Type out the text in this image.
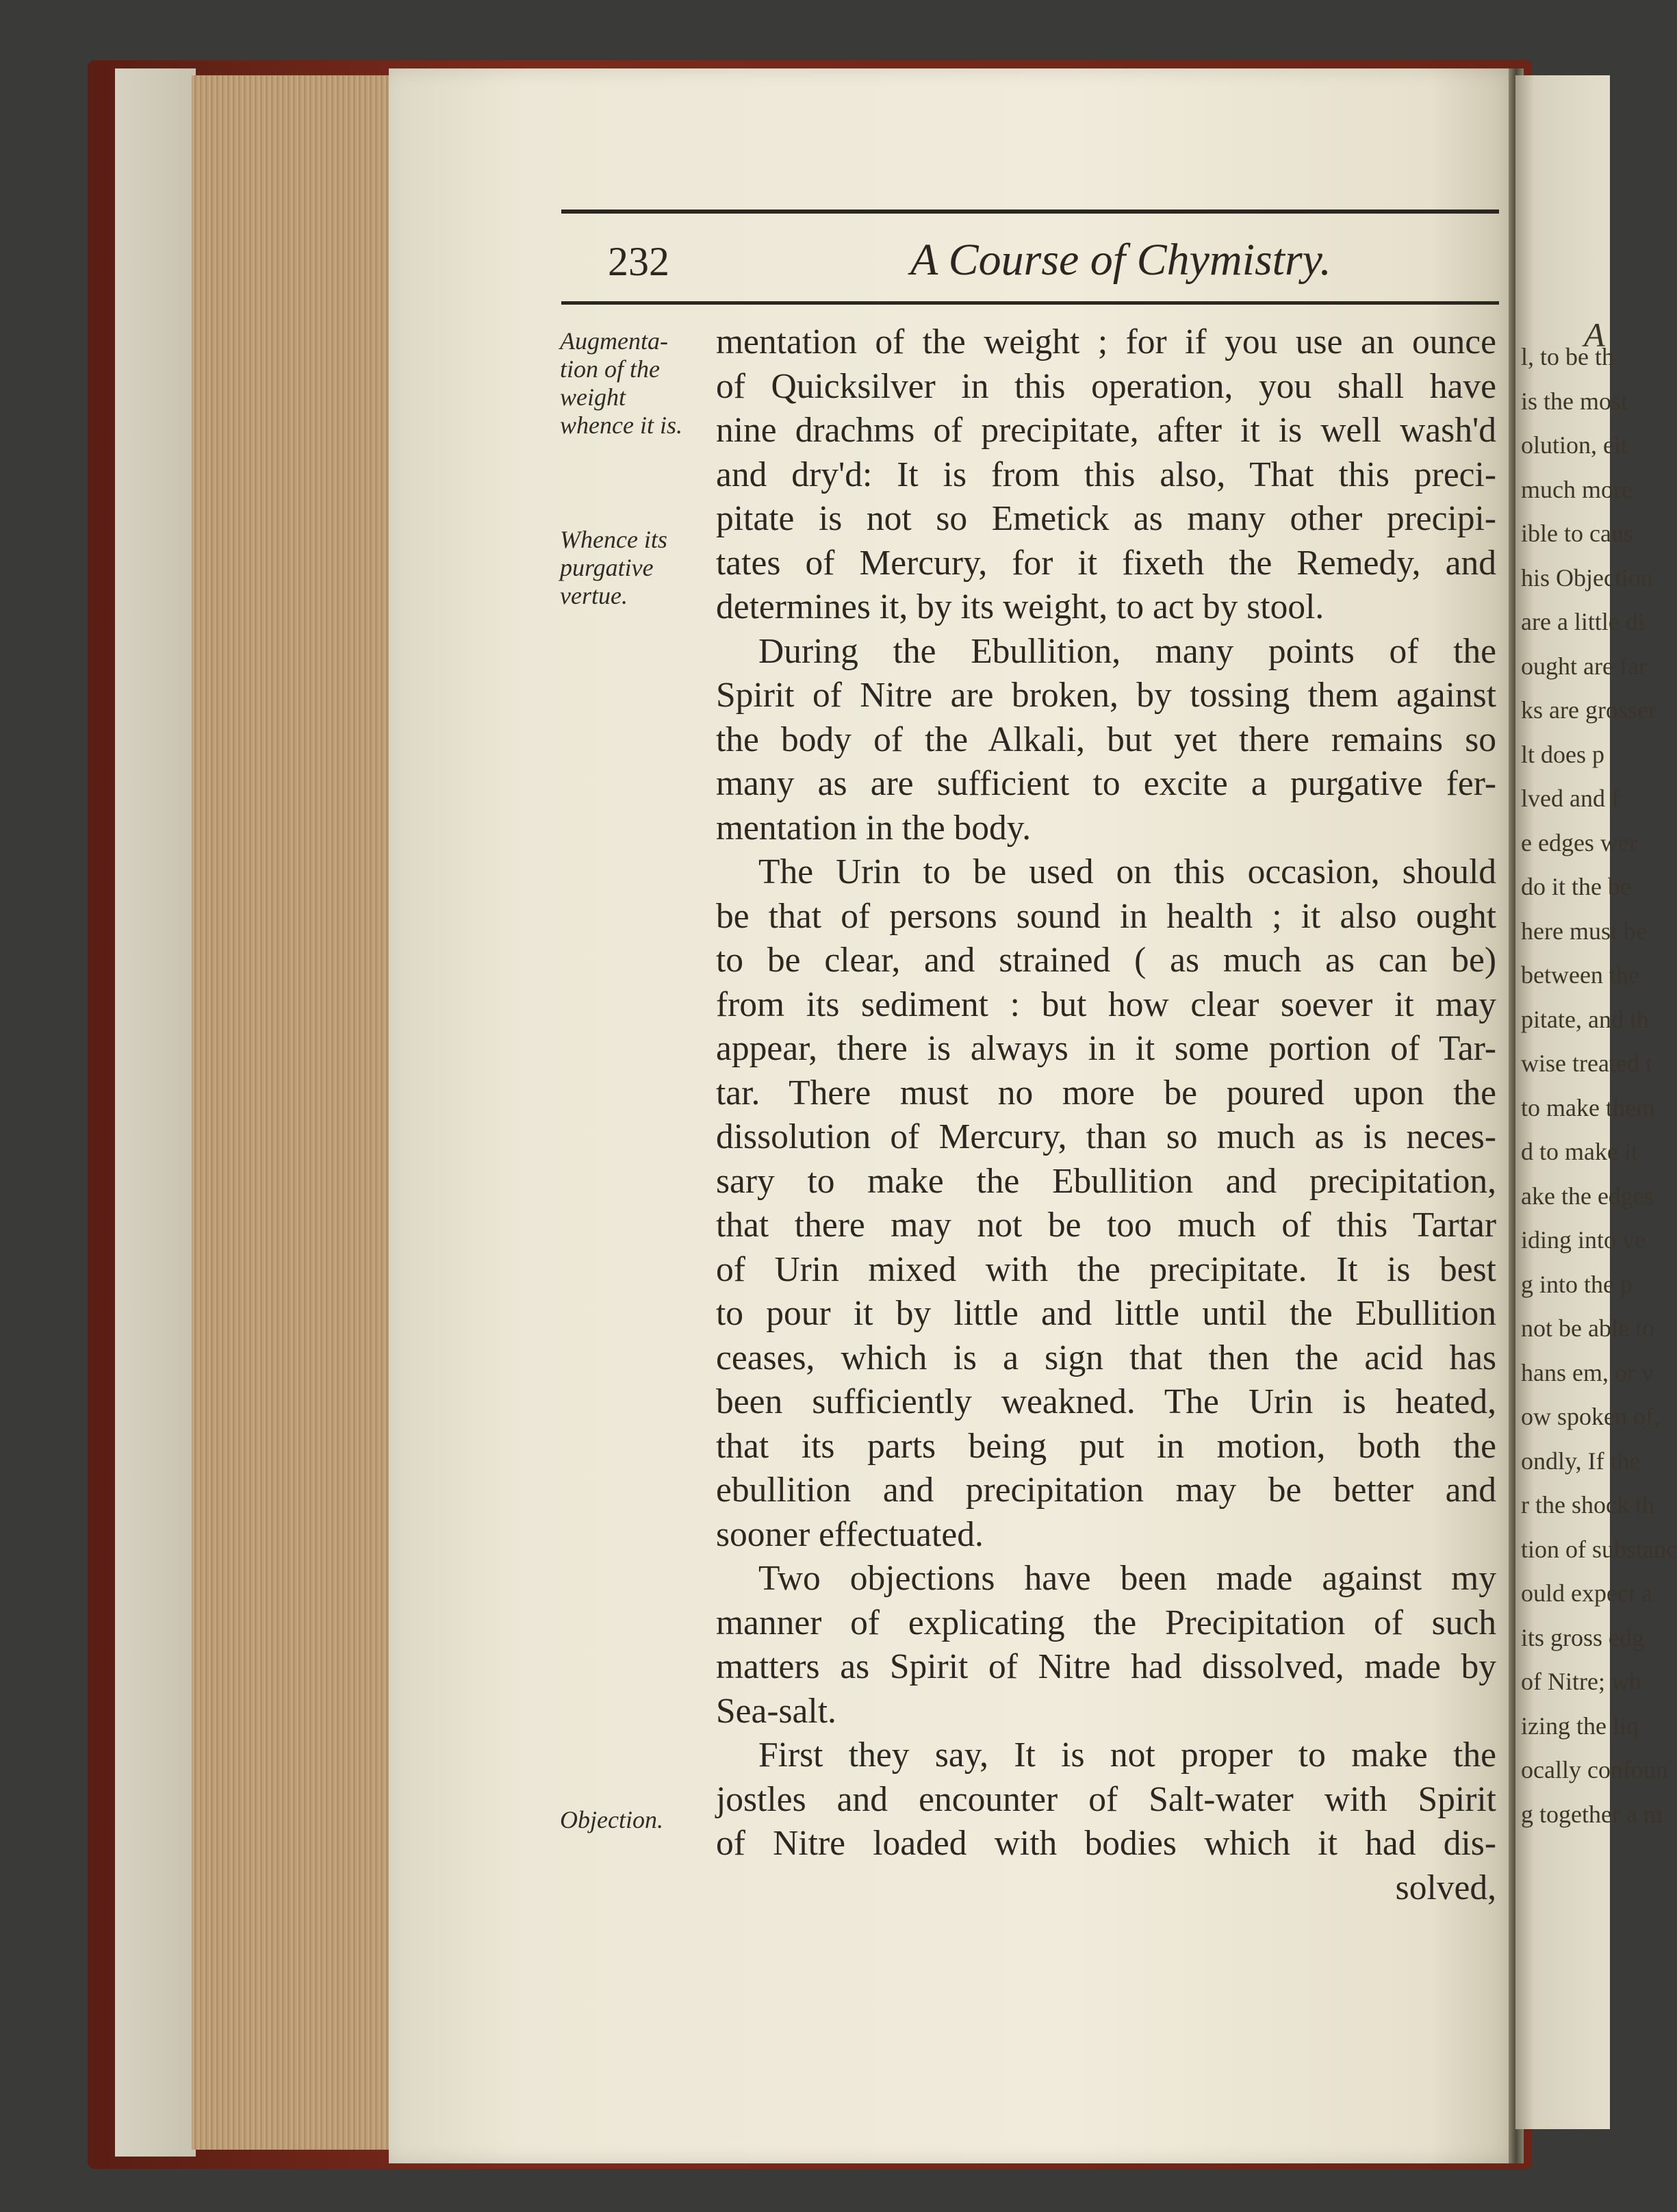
A
l, to be th
is the most
olution, eit
much more
ible to caus
his Objection
are a little di
ought are far
ks are grosser
lt does p
lved and f
e edges wer
do it the be
here must be
between the
pitate, and th
wise treated t
to make them
d to make it
ake the edges
iding into ve
g into the p
not be able to
hans em, or v
ow spoken of,
ondly, If the
r the shock th
tion of substanc
ould expect a
its gross edg
of Nitre; wh
izing the liq
ocally confoun
g together a m
232	A Course of Chymistry.
Augmenta-
tion of the
weight
whence it is.
Whence its
purgative
vertue.
Objection.
mentation of the weight ; for if you use an ounce
of Quicksilver in this operation, you shall have
nine drachms of precipitate, after it is well wash'd
and dry'd: It is from this also, That this preci-
pitate is not so Emetick as many other precipi-
tates of Mercury, for it fixeth the Remedy, and
determines it, by its weight, to act by stool.
During the Ebullition, many points of the
Spirit of Nitre are broken, by tossing them against
the body of the Alkali, but yet there remains so
many as are sufficient to excite a purgative fer-
mentation in the body.
The Urin to be used on this occasion, should
be that of persons sound in health ; it also ought
to be clear, and strained ( as much as can be)
from its sediment : but how clear soever it may
appear, there is always in it some portion of Tar-
tar. There must no more be poured upon the
dissolution of Mercury, than so much as is neces-
sary to make the Ebullition and precipitation,
that there may not be too much of this Tartar
of Urin mixed with the precipitate. It is best
to pour it by little and little until the Ebullition
ceases, which is a sign that then the acid has
been sufficiently weakned. The Urin is heated,
that its parts being put in motion, both the
ebullition and precipitation may be better and
sooner effectuated.
Two objections have been made against my
manner of explicating the Precipitation of such
matters as Spirit of Nitre had dissolved, made by
Sea-salt.
First they say, It is not proper to make the
jostles and encounter of Salt-water with Spirit
of Nitre loaded with bodies which it had dis-
solved,
